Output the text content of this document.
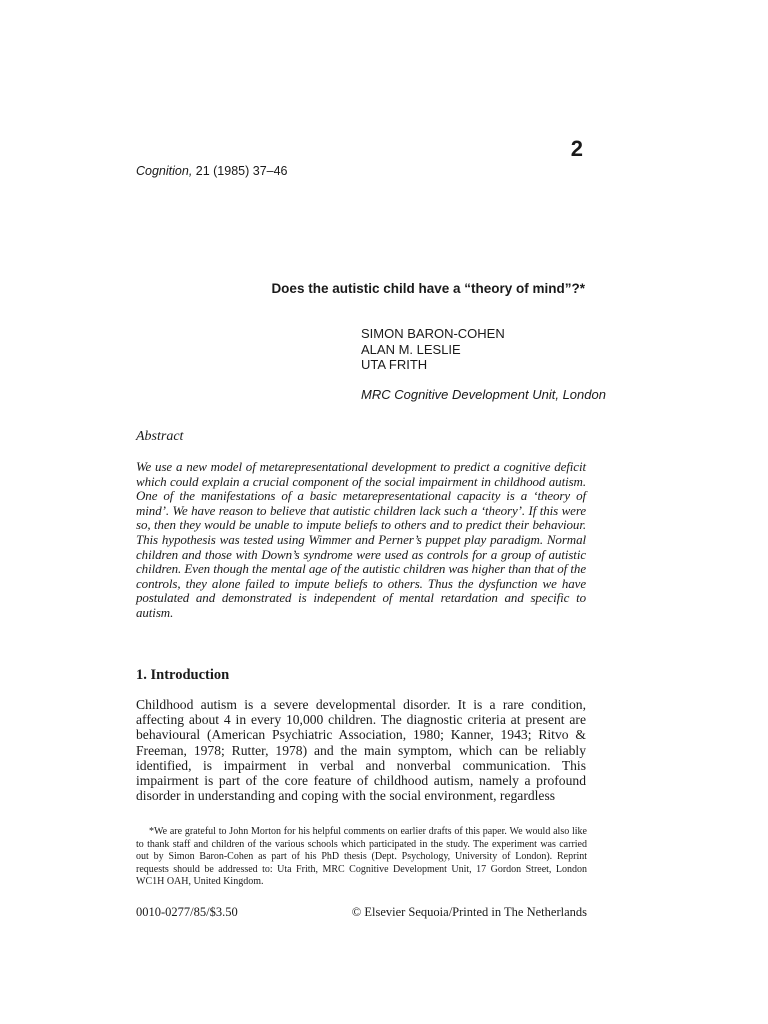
2
Cognition, 21 (1985) 37–46
Does the autistic child have a “theory of mind”?*
SIMON BARON-COHEN
ALAN M. LESLIE
UTA FRITH
MRC Cognitive Development Unit, London
Abstract
We use a new model of metarepresentational development to predict a cognitive deficit which could explain a crucial component of the social impairment in childhood autism. One of the manifestations of a basic metarepresentational capacity is a ‘theory of mind’. We have reason to believe that autistic children lack such a ‘theory’. If this were so, then they would be unable to impute beliefs to others and to predict their behaviour. This hypothesis was tested using Wimmer and Perner’s puppet play paradigm. Normal children and those with Down’s syndrome were used as controls for a group of autistic children. Even though the mental age of the autistic children was higher than that of the controls, they alone failed to impute beliefs to others. Thus the dysfunction we have postulated and demonstrated is independent of mental retardation and specific to autism.
1. Introduction
Childhood autism is a severe developmental disorder. It is a rare condition, affecting about 4 in every 10,000 children. The diagnostic criteria at present are behavioural (American Psychiatric Association, 1980; Kanner, 1943; Ritvo & Freeman, 1978; Rutter, 1978) and the main symptom, which can be reliably identified, is impairment in verbal and nonverbal communication. This impairment is part of the core feature of childhood autism, namely a profound disorder in understanding and coping with the social environment, regardless
*We are grateful to John Morton for his helpful comments on earlier drafts of this paper. We would also like to thank staff and children of the various schools which participated in the study. The experiment was carried out by Simon Baron-Cohen as part of his PhD thesis (Dept. Psychology, University of London). Reprint requests should be addressed to: Uta Frith, MRC Cognitive Development Unit, 17 Gordon Street, London WC1H OAH, United Kingdom.
0010-0277/85/$3.50	© Elsevier Sequoia/Printed in The Netherlands
